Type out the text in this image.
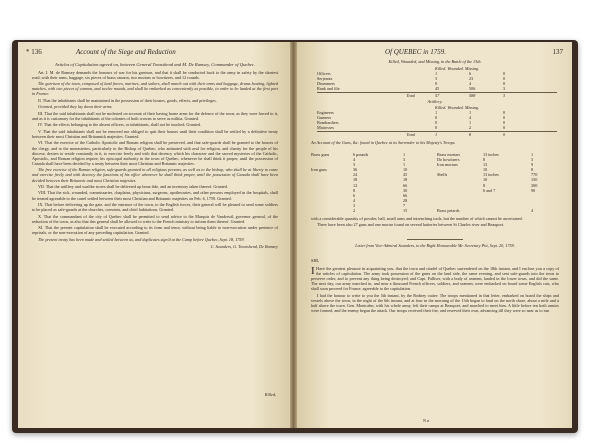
* 136	Account of the Siege and Reduction
Articles of Capitulation agreed on, between General Townshend and M. De Ramsey, Commander of Quebec.

Art. I. M. de Ramsey demands the honours of war for his garrison, and that it shall be conducted back to the army in safety by the shortest road, with their arms, baggage, six pieces of brass cannon, two mortars or howitzers, and 12 rounds.

The garrison of the town, composed of land forces, marines, and sailors, shall march out with their arms and baggage, drums beating, lighted matches, with two pieces of cannon, and twelve rounds, and shall be embarked as conveniently as possible, in order to be landed at the first port in France.

II. That the inhabitants shall be maintained in the possession of their houses, goods, effects, and privileges.

Granted, provided they lay down their arms.

III. That the said inhabitants shall not be molested on account of their having borne arms for the defence of the town, as they were forced to it, and as it is customary for the inhabitants of the colonies of both crowns to serve as militia. Granted.

IV. That the effects belonging to the absent officers, or inhabitants, shall not be touched. Granted.

V. That the said inhabitants shall not be removed nor obliged to quit their houses until their condition shall be settled by a definitive treaty between their most Christian and Britannick majesties. Granted.

VI. That the exercise of the Catholic Apostolic and Roman religion shall be preserved, and that safe-guards shall be granted to the houses of the clergy, and to the monasteries, particularly to the Bishop of Quebec, who animated with zeal for religion, and charity for the people of his diocese, desires to reside constantly in it, to exercise freely and with that decency which his character and the sacred mysteries of the Catholic, Apostolic, and Roman religion require, his episcopal authority in the town of Quebec, whenever he shall think it proper, until the possession of Canada shall have been decided by a treaty between their most Christian and Britannic majesties.

The free exercise of the Roman religion, safe-guards granted to all religious persons, as well as to the bishop, who shall be at liberty to come and exercise freely and with decency the functions of his office whenever he shall think proper, until the possession of Canada shall have been decided between their Britannic and most Christian majesties.

VII. That the artillery and warlike stores shall be delivered up bona fide, and an inventory taken thereof. Granted.

VIII. That the sick, wounded, commissaries, chaplains, physicians, surgeons, apothecaries, and other persons employed in the hospitals, shall be treated agreeable to the cartel settled between their most Christian and Britannic majesties on Feb. 6, 1759. Granted.

IX. That before delivering up the gate, and the entrance of the town, to the English forces, their general will be pleased to send some soldiers to be placed as safe-guards at the churches, convents, and chief habitations. Granted.

X. That the commandant of the city of Quebec shall be permitted to send advice to the Marquis de Vaudreuil, governor general, of the reduction of the town, as also that this general shall be allowed to write to the French ministry to inform them thereof. Granted.

XI. That the present capitulation shall be executed according to its form and tenor, without being liable to non-execution under pretence of reprisals, or the non-execution of any preceding capitulation. Granted.

The present treaty has been made and settled between us, and duplicates sign'd at the Camp before Quebec, Sept. 18, 1759.

C. Saunders, G. Townshend, De Ramsey
Killed,
Of QUEBEC in 1759.	137
Killed, Wounded, and Missing, in the Battle of the 13th.
Killed. Wounded. Missing.
Officers	1	6	0
Serjeants	3	23	0
Drummers	0	4	0
Rank and file	45	506	3
Total	57	588	3
Artillery.
Killed. Wounded. Missing.
Engineers	1	1	0
Gunners	0	4	0
Bombardiers	0	1	0
Matrosses	0	2	0
Total	1	8	0
An Account of the Guns, &c. found in Quebec at its Surrender to his Majesty's Troops.
Brass guns	6 pounds	1
4	3
3	1
Iron guns	36	10
24	45
18	18
12	66
8	30
6	66
4	28
3	7
2	15
Brass mortars	13 inches	1
Do howitzers	8	3
Iron mortars	13	9
10	8
Shells	13 inches	770
10	150
8	300
6 and 7	90
Brass petards	4

with a considerable quantity of powder, ball, small arms and intrenching tools, but the number of which cannot be ascertained.

There have been also 27 guns and one mortar found on several batteries between St Charles river and Beauport.

Letter from Vice-Admiral Saunders, to the Right Honourable Mr. Secretary Pitt, Sept. 20, 1759.
SIR,
I Have the greatest pleasure in acquainting you, that the town and citadel of Quebec surrendered on the 18th instant, and I enclose you a copy of the articles of capitulation. The army took possession of the gates on the land side, the same evening, and sent safe-guards into the town to preserve order, and to prevent any thing being destroyed; and Capt. Palliser, with a body of seamen, landed in the lower town, and did the same. The next day, our army marched in, and near a thousand French officers, soldiers, and seamen, were embarked on board some English cats, who shall soon proceed for France, agreeable to the capitulation.

I had the honour to write to you the 5th instant, by the Rodney cutter: The troops mentioned in that letter, embarked on board the ships and vessels above the town, in the night of the 6th instant, and at four in the morning of the 13th began to land on the north shore, about a mile and a half above the town. Gen. Montcalm, with his whole army, left their camps at Beauport, and marched to meet him. A little before ten both armies were formed, and the enemy began the attack. Our troops received their fire, and reserved their own, advancing till they were so near as to run

N n
